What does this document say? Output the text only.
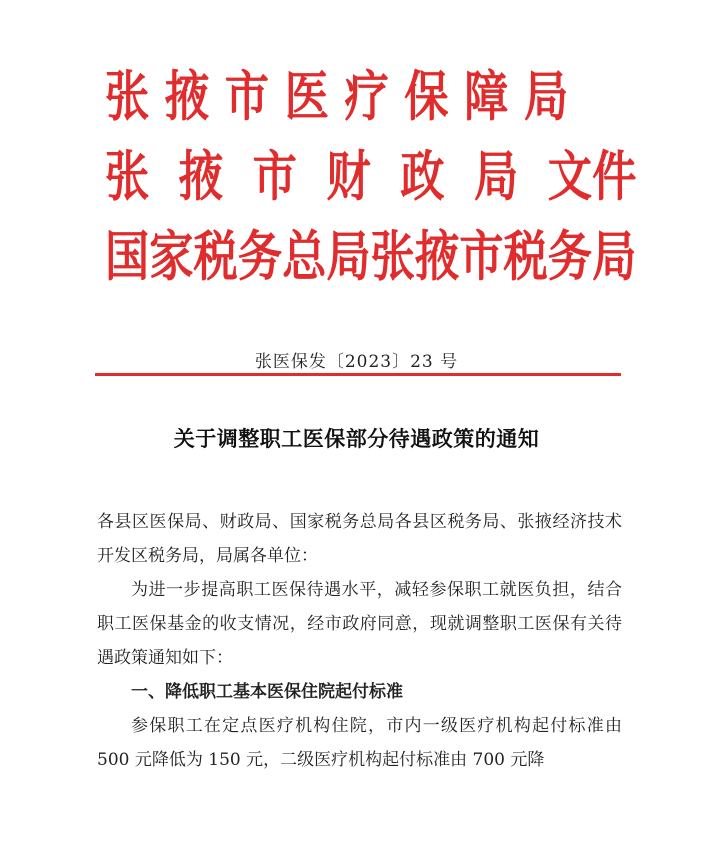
张掖市医疗保障局
张掖市财政局文件
国家税务总局张掖市税务局
张医保发〔2023〕23 号
关于调整职工医保部分待遇政策的通知

各县区医保局、财政局、国家税务总局各县区税务局、张掖经济技术开发区税务局，局属各单位：

为进一步提高职工医保待遇水平，减轻参保职工就医负担，结合职工医保基金的收支情况，经市政府同意，现就调整职工医保有关待遇政策通知如下：

一、降低职工基本医保住院起付标准

参保职工在定点医疗机构住院，市内一级医疗机构起付标准由 500 元降低为 150 元，二级医疗机构起付标准由 700 元降
